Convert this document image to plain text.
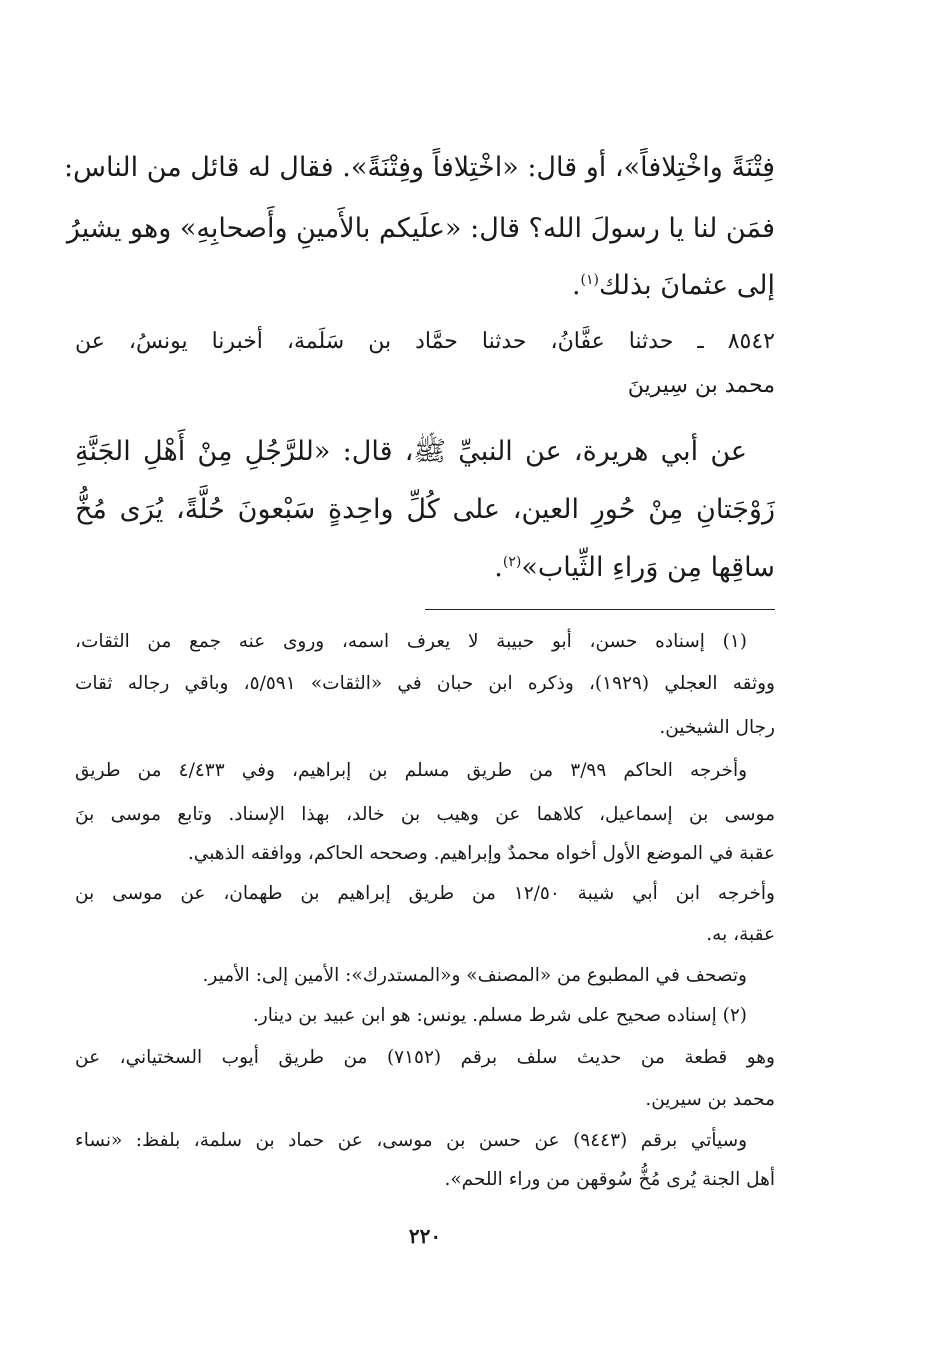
فِتْنَةً واخْتِلافاً»، أو قال: «اخْتِلافاً وفِتْنَةً». فقال له قائل من الناس:
فمَن لنا يا رسولَ الله؟ قال: «علَيكم بالأَمينِ وأَصحابِهِ» وهو يشيرُ
إلى عثمانَ بذلك$^{(١)}$.
٨٥٤٢ ـ حدثنا عفَّانُ، حدثنا حمَّاد بن سَلَمة، أخبرنا يونسُ، عن
محمد بن سِيرينَ
عن أبي هريرة، عن النبيِّ ﷺ، قال: «للرَّجُلِ مِنْ أَهْلِ الجَنَّةِ
زَوْجَتانِ مِنْ حُورِ العين، على كُلِّ واحِدةٍ سَبْعونَ حُلَّةً، يُرَى مُخُّ
ساقِها مِن وَراءِ الثِّياب»$^{(٢)}$.
(١) إسناده حسن، أبو حبيبة لا يعرف اسمه، وروى عنه جمع من الثقات،
ووثقه العجلي (١٩٢٩)، وذكره ابن حبان في «الثقات» ٥/٥٩١، وباقي رجاله ثقات
رجال الشيخين.
وأخرجه الحاكم ٣/٩٩ من طريق مسلم بن إبراهيم، وفي ٤/٤٣٣ من طريق
موسى بن إسماعيل، كلاهما عن وهيب بن خالد، بهذا الإسناد. وتابع موسى بنَ
عقبة في الموضع الأول أخواه محمدٌ وإبراهيم. وصححه الحاكم، ووافقه الذهبي.
وأخرجه ابن أبي شيبة ١٢/٥٠ من طريق إبراهيم بن طهمان، عن موسى بن
عقبة، به.
وتصحف في المطبوع من «المصنف» و«المستدرك»: الأمين إلى: الأمير.
(٢) إسناده صحيح على شرط مسلم. يونس: هو ابن عبيد بن دينار.
وهو قطعة من حديث سلف برقم (٧١٥٢) من طريق أيوب السختياني، عن
محمد بن سيرين.
وسيأتي برقم (٩٤٤٣) عن حسن بن موسى، عن حماد بن سلمة، بلفظ: «نساء
أهل الجنة يُرى مُخُّ سُوقهن من وراء اللحم».
٢٢٠
